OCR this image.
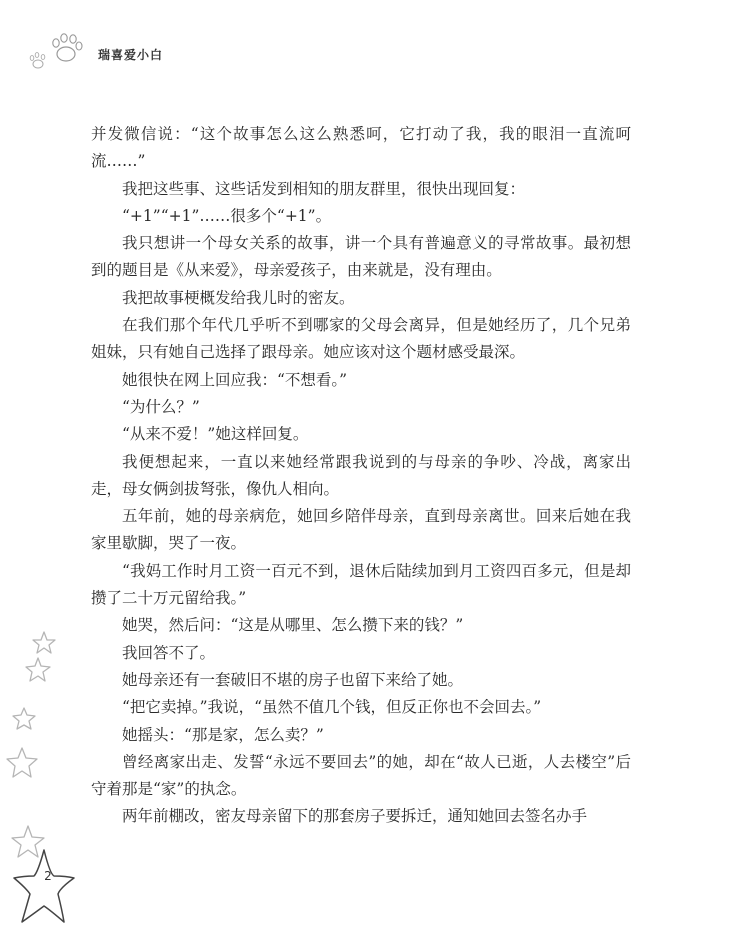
瑞喜爱小白

并发微信说：“这个故事怎么这么熟悉呵，它打动了我，我的眼泪一直流呵流……”

我把这些事、这些话发到相知的朋友群里，很快出现回复：

“+1”“+1”……很多个“+1”。

我只想讲一个母女关系的故事，讲一个具有普遍意义的寻常故事。最初想到的题目是《从来爱》，母亲爱孩子，由来就是，没有理由。

我把故事梗概发给我儿时的密友。

在我们那个年代几乎听不到哪家的父母会离异，但是她经历了，几个兄弟姐妹，只有她自己选择了跟母亲。她应该对这个题材感受最深。

她很快在网上回应我：“不想看。”

“为什么？”

“从来不爱！”她这样回复。

我便想起来，一直以来她经常跟我说到的与母亲的争吵、冷战，离家出走，母女俩剑拔弩张，像仇人相向。

五年前，她的母亲病危，她回乡陪伴母亲，直到母亲离世。回来后她在我家里歇脚，哭了一夜。

“我妈工作时月工资一百元不到，退休后陆续加到月工资四百多元，但是却攒了二十万元留给我。”

她哭，然后问：“这是从哪里、怎么攒下来的钱？”

我回答不了。

她母亲还有一套破旧不堪的房子也留下来给了她。

“把它卖掉。”我说，“虽然不值几个钱，但反正你也不会回去。”

她摇头：“那是家，怎么卖？”

曾经离家出走、发誓“永远不要回去”的她，却在“故人已逝，人去楼空”后守着那是“家”的执念。

两年前棚改，密友母亲留下的那套房子要拆迁，通知她回去签名办手

2
